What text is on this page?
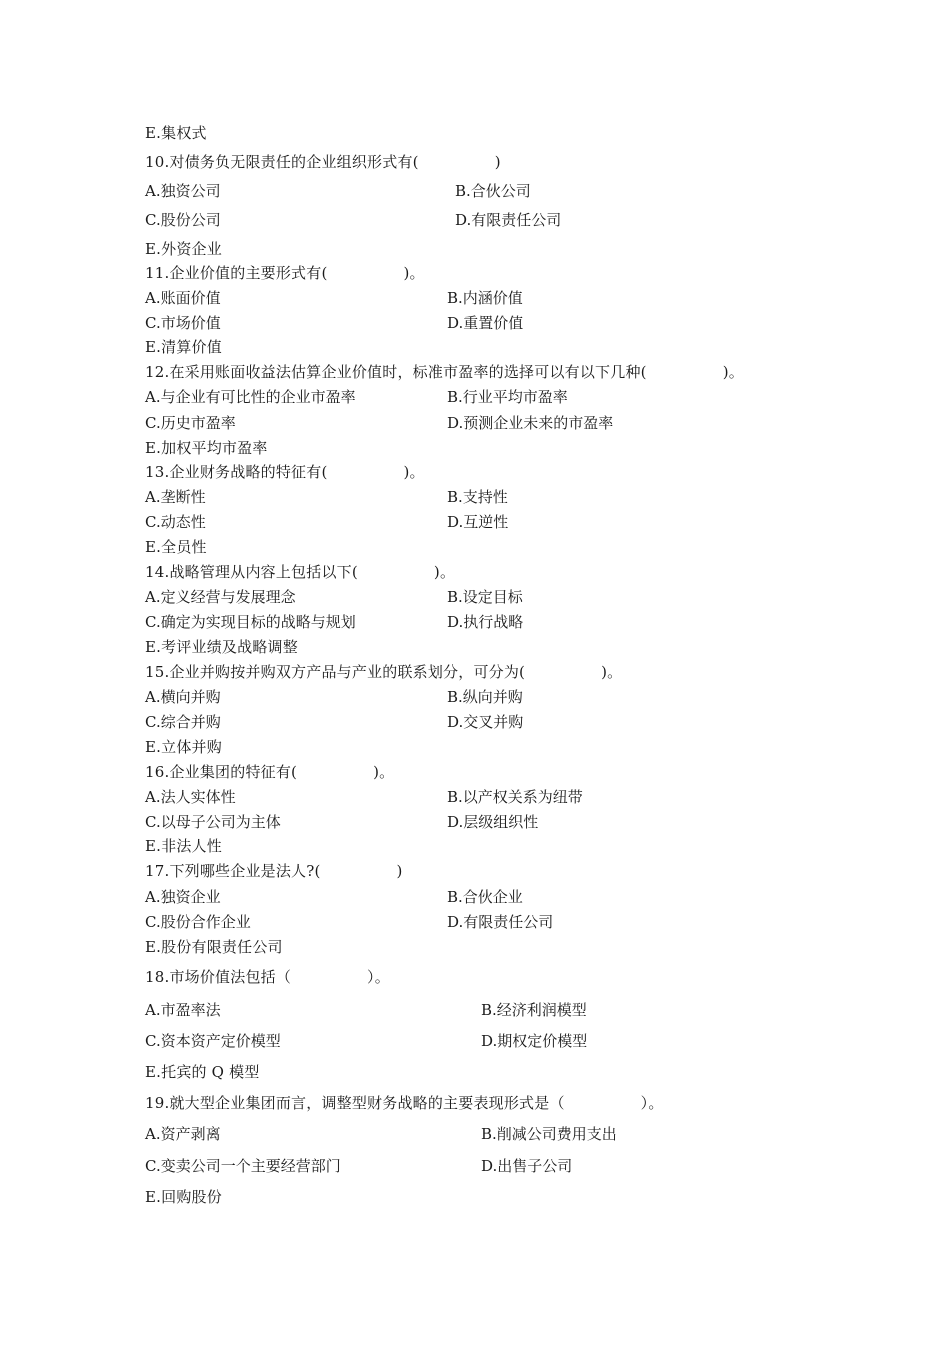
E.集权式
10.对债务负无限责任的企业组织形式有(　　　　　)
A.独资公司	B.合伙公司
C.股份公司	D.有限责任公司
E.外资企业
11.企业价值的主要形式有(　　　　　)。
A.账面价值	B.内涵价值
C.市场价值	D.重置价值
E.清算价值
12.在采用账面收益法估算企业价值时，标准市盈率的选择可以有以下几种(　　　　　)。
A.与企业有可比性的企业市盈率	B.行业平均市盈率
C.历史市盈率	D.预测企业未来的市盈率
E.加权平均市盈率
13.企业财务战略的特征有(　　　　　)。
A.垄断性	B.支持性
C.动态性	D.互逆性
E.全员性
14.战略管理从内容上包括以下(　　　　　)。
A.定义经营与发展理念	B.设定目标
C.确定为实现目标的战略与规划	D.执行战略
E.考评业绩及战略调整
15.企业并购按并购双方产品与产业的联系划分，可分为(　　　　　)。
A.横向并购	B.纵向并购
C.综合并购	D.交叉并购
E.立体并购
16.企业集团的特征有(　　　　　)。
A.法人实体性	B.以产权关系为纽带
C.以母子公司为主体	D.层级组织性
E.非法人性
17.下列哪些企业是法人?(　　　　　)
A.独资企业	B.合伙企业
C.股份合作企业	D.有限责任公司
E.股份有限责任公司
18.市场价值法包括（　　　　　）。
A.市盈率法	B.经济利润模型
C.资本资产定价模型	D.期权定价模型
E.托宾的 Q 模型
19.就大型企业集团而言，调整型财务战略的主要表现形式是（　　　　　）。
A.资产剥离	B.削减公司费用支出
C.变卖公司一个主要经营部门	D.出售子公司
E.回购股份
